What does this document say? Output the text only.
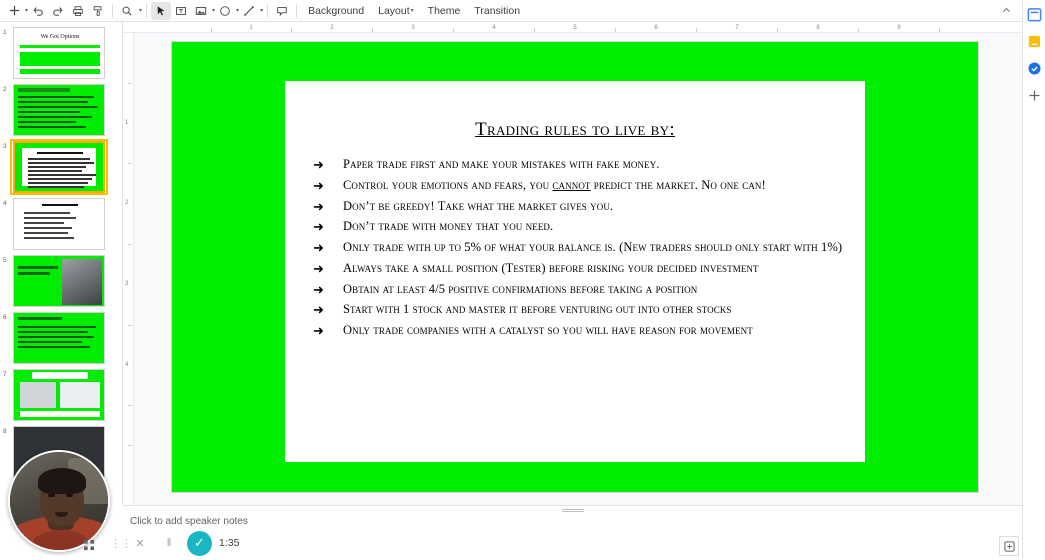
▾	▾	▾	▾	▾	Background	Layout ▾	Theme	Transition
1	2	3	4	5	6	7	8	9
1
2
3
4
1
We Got Options
2
3
4
5
6
7
8
Trading rules to live by:
➜	Paper trade first and make your mistakes with fake money.
➜	Control your emotions and fears, you cannot predict the market. No one can!
➜	Don’t be greedy! Take what the market gives you.
➜	Don’t trade with money that you need.
➜	Only trade with up to 5% of what your balance is. (New traders should only start with 1%)
➜	Always take a small position (Tester) before risking your decided investment
➜	Obtain at least 4/5 positive confirmations before taking a position
➜	Start with 1 stock and master it before venturing out into other stocks
➜	Only trade companies with a catalyst so you will have reason for movement
Click to add speaker notes
⋮⋮ ✕	‖	✓	1:35
